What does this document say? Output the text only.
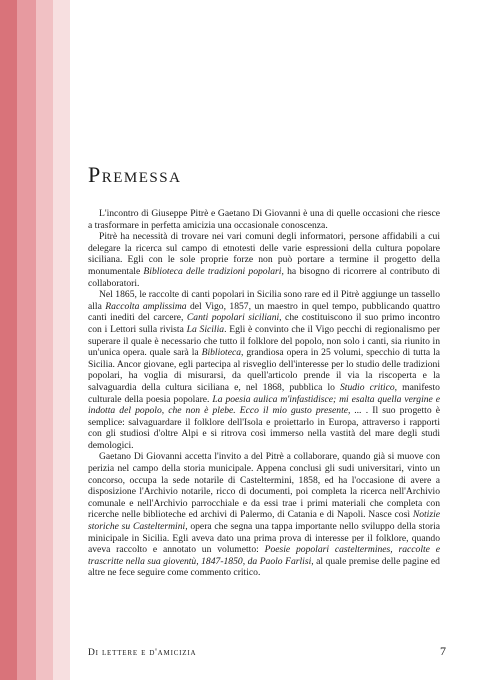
Premessa

L'incontro di Giuseppe Pitrè e Gaetano Di Giovanni è una di quelle occasioni che riesce a trasformare in perfetta amicizia una occasionale conoscenza.

Pitrè ha necessità di trovare nei vari comuni degli informatori, persone affidabili a cui delegare la ricerca sul campo di etnotesti delle varie espressioni della cultura popolare siciliana. Egli con le sole proprie forze non può portare a termine il progetto della monumentale Biblioteca delle tradizioni popolari, ha bisogno di ricorrere al contributo di collaboratori.

Nel 1865, le raccolte di canti popolari in Sicilia sono rare ed il Pitrè aggiunge un tassello alla Raccolta amplissima del Vigo, 1857, un maestro in quel tempo, pubblicando quattro canti inediti del carcere, Canti popolari siciliani, che costituiscono il suo primo incontro con i Lettori sulla rivista La Sicilia. Egli è convinto che il Vigo pecchi di regionalismo per superare il quale è necessario che tutto il folklore del popolo, non solo i canti, sia riunito in un'unica opera. quale sarà la Biblioteca, grandiosa opera in 25 volumi, specchio di tutta la Sicilia. Ancor giovane, egli partecipa al risveglio dell'interesse per lo studio delle tradizioni popolari, ha voglia di misurarsi, da quell'articolo prende il via la riscoperta e la salvaguardia della cultura siciliana e, nel 1868, pubblica lo Studio critico, manifesto culturale della poesia popolare. La poesia aulica m'infastidisce; mi esalta quella vergine e indotta del popolo, che non è plebe. Ecco il mio gusto presente, ... . Il suo progetto è semplice: salvaguardare il folklore dell'Isola e proiettarlo in Europa, attraverso i rapporti con gli studiosi d'oltre Alpi e si ritrova così immerso nella vastità del mare degli studi demologici.

Gaetano Di Giovanni accetta l'invito a del Pitrè a collaborare, quando già si muove con perizia nel campo della storia municipale. Appena conclusi gli sudi universitari, vinto un concorso, occupa la sede notarile di Casteltermini, 1858, ed ha l'occasione di avere a disposizione l'Archivio notarile, ricco di documenti, poi completa la ricerca nell'Archivio comunale e nell'Archivio parrocchiale e da essi trae i primi materiali che completa con ricerche nelle biblioteche ed archivi di Palermo, di Catania e di Napoli. Nasce così Notizie storiche su Casteltermini, opera che segna una tappa importante nello sviluppo della storia minicipale in Sicilia. Egli aveva dato una prima prova di interesse per il folklore, quando aveva raccolto e annotato un volumetto: Poesie popolari casteltermines, raccolte e trascritte nella sua gioventù, 1847-1850, da Paolo Farlisi, al quale premise delle pagine ed altre ne fece seguire come commento critico.

Di lettere e d'amicizia	7
